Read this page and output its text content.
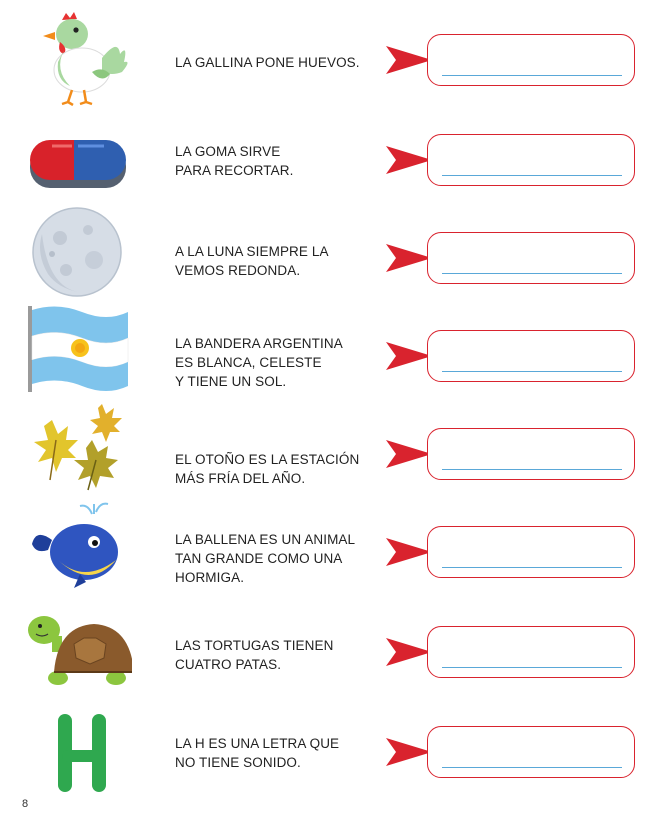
LA GALLINA PONE HUEVOS.
LA GOMA SIRVE
PARA RECORTAR.
A LA LUNA SIEMPRE LA
VEMOS REDONDA.
LA BANDERA ARGENTINA
ES BLANCA, CELESTE
Y TIENE UN SOL.
EL OTOÑO ES LA ESTACIÓN
MÁS FRÍA DEL AÑO.
LA BALLENA ES UN ANIMAL
TAN GRANDE COMO UNA
HORMIGA.
LAS TORTUGAS TIENEN
CUATRO PATAS.
LA H ES UNA LETRA QUE
NO TIENE SONIDO.
8
